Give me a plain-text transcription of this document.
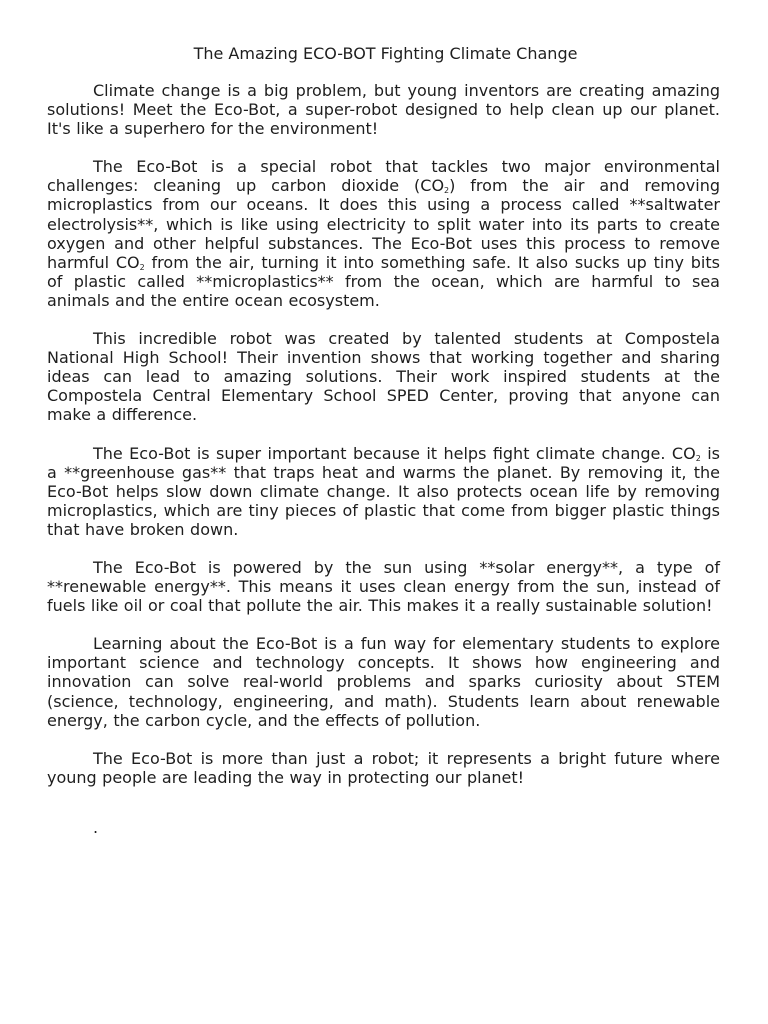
The Amazing ECO-BOT Fighting Climate Change

Climate change is a big problem, but young inventors are creating amazing solutions! Meet the Eco-Bot, a super-robot designed to help clean up our planet. It's like a superhero for the environment!

The Eco-Bot is a special robot that tackles two major environmental challenges: cleaning up carbon dioxide $(CO_2)$ from the air and removing microplastics from our oceans. It does this using a process called **saltwater electrolysis**, which is like using electricity to split water into its parts to create oxygen and other helpful substances. The Eco-Bot uses this process to remove harmful $CO_2$ from the air, turning it into something safe. It also sucks up tiny bits of plastic called **microplastics** from the ocean, which are harmful to sea animals and the entire ocean ecosystem.

This incredible robot was created by talented students at Compostela National High School! Their invention shows that working together and sharing ideas can lead to amazing solutions. Their work inspired students at the Compostela Central Elementary School SPED Center, proving that anyone can make a difference.

The Eco-Bot is super important because it helps fight climate change. $CO_2$ is a **greenhouse gas** that traps heat and warms the planet. By removing it, the Eco-Bot helps slow down climate change. It also protects ocean life by removing microplastics, which are tiny pieces of plastic that come from bigger plastic things that have broken down.

The Eco-Bot is powered by the sun using **solar energy**, a type of **renewable energy**. This means it uses clean energy from the sun, instead of fuels like oil or coal that pollute the air. This makes it a really sustainable solution!

Learning about the Eco-Bot is a fun way for elementary students to explore important science and technology concepts. It shows how engineering and innovation can solve real-world problems and sparks curiosity about STEM (science, technology, engineering, and math). Students learn about renewable energy, the carbon cycle, and the effects of pollution.

The Eco-Bot is more than just a robot; it represents a bright future where young people are leading the way in protecting our planet!

.
